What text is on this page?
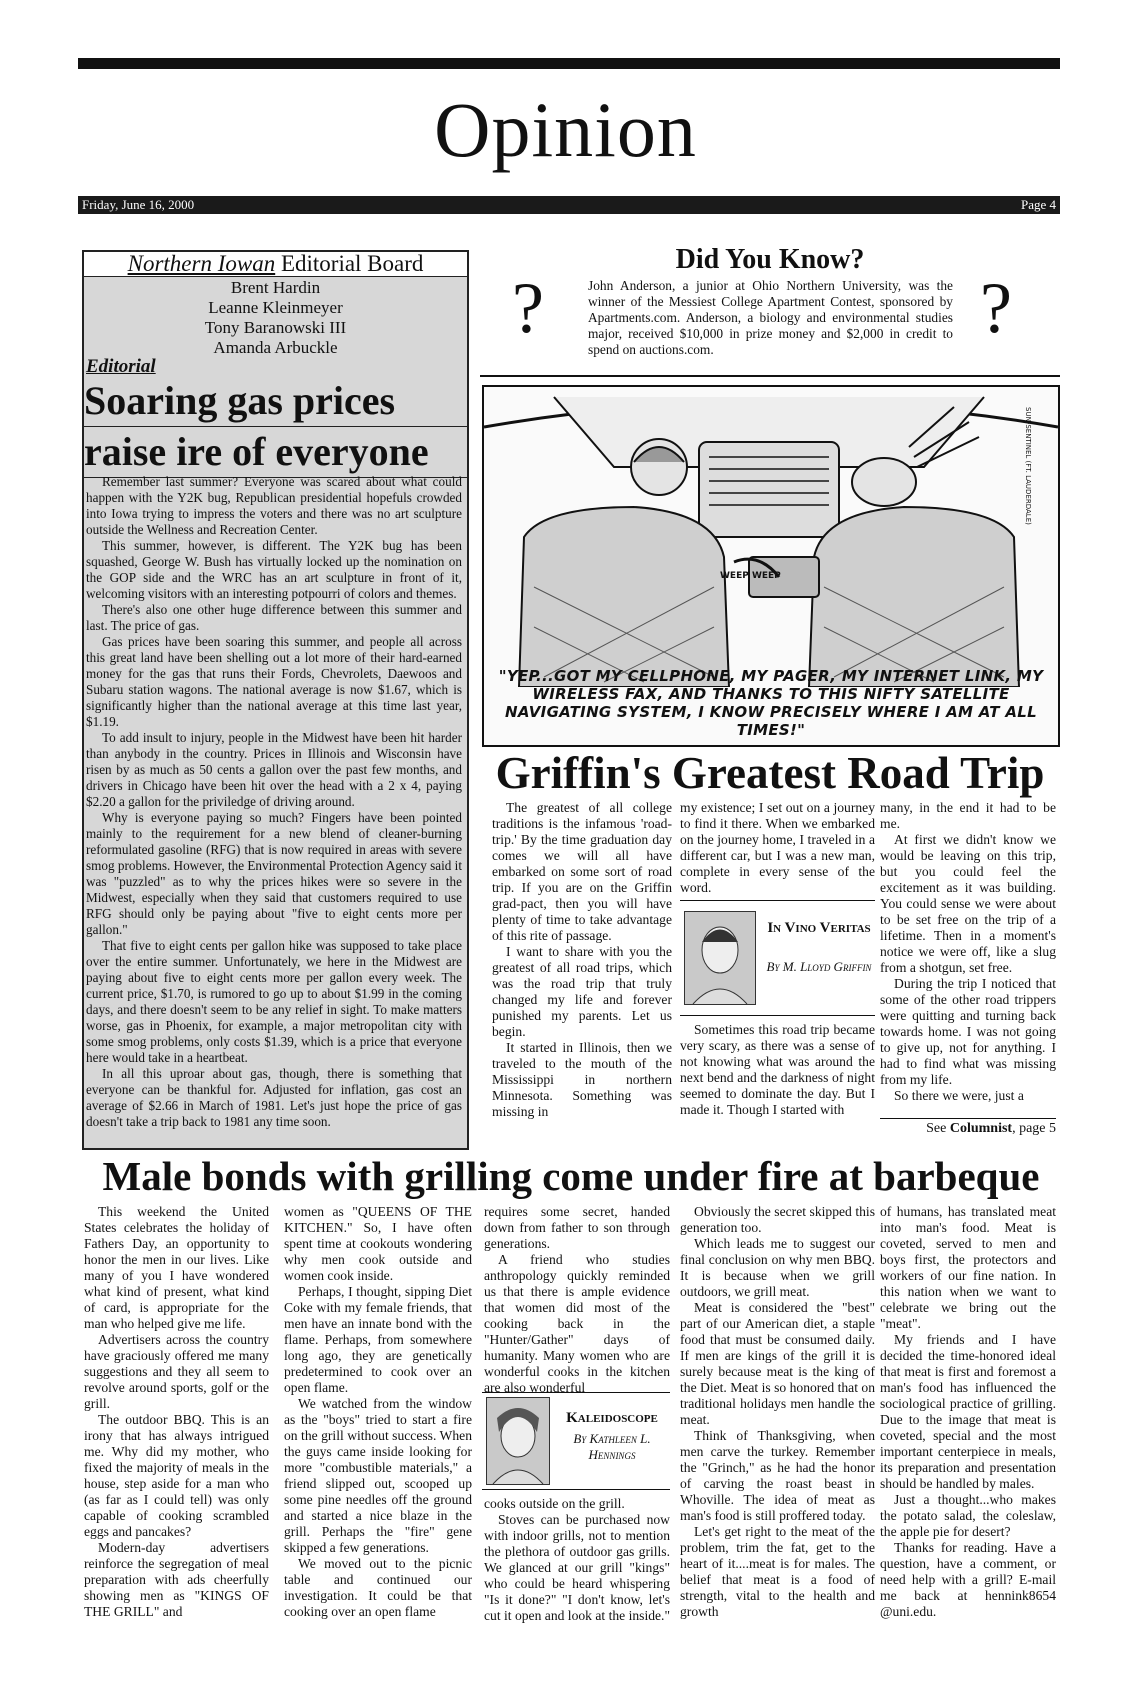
Opinion
Friday, June 16, 2000	Page 4
Northern Iowan Editorial Board
Brent Hardin
Leanne Kleinmeyer
Tony Baranowski III
Amanda Arbuckle
Editorial
Soaring gas prices
raise ire of everyone

Remember last summer? Everyone was scared about what could happen with the Y2K bug, Republican presidential hopefuls crowded into Iowa trying to impress the voters and there was no art sculpture outside the Wellness and Recreation Center.

This summer, however, is different. The Y2K bug has been squashed, George W. Bush has virtually locked up the nomination on the GOP side and the WRC has an art sculpture in front of it, welcoming visitors with an interesting potpourri of colors and themes.

There's also one other huge difference between this summer and last. The price of gas.

Gas prices have been soaring this summer, and people all across this great land have been shelling out a lot more of their hard-earned money for the gas that runs their Fords, Chevrolets, Daewoos and Subaru station wagons. The national average is now $1.67, which is significantly higher than the national average at this time last year, $1.19.

To add insult to injury, people in the Midwest have been hit harder than anybody in the country. Prices in Illinois and Wisconsin have risen by as much as 50 cents a gallon over the past few months, and drivers in Chicago have been hit over the head with a 2 x 4, paying $2.20 a gallon for the priviledge of driving around.

Why is everyone paying so much? Fingers have been pointed mainly to the requirement for a new blend of cleaner-burning reformulated gasoline (RFG) that is now required in areas with severe smog problems. However, the Environmental Protection Agency said it was "puzzled" as to why the prices hikes were so severe in the Midwest, especially when they said that customers required to use RFG should only be paying about "five to eight cents more per gallon."

That five to eight cents per gallon hike was supposed to take place over the entire summer. Unfortunately, we here in the Midwest are paying about five to eight cents more per gallon every week. The current price, $1.70, is rumored to go up to about $1.99 in the coming days, and there doesn't seem to be any relief in sight. To make matters worse, gas in Phoenix, for example, a major metropolitan city with some smog problems, only costs $1.39, which is a price that everyone here would take in a heartbeat.

In all this uproar about gas, though, there is something that everyone can be thankful for. Adjusted for inflation, gas cost an average of $2.66 in March of 1981. Let's just hope the price of gas doesn't take a trip back to 1981 any time soon.

Did You Know?
?	?
John Anderson, a junior at Ohio Northern University, was the winner of the Messiest College Apartment Contest, sponsored by Apartments.com. Anderson, a biology and environmental studies major, received $10,000 in prize money and $2,000 in credit to spend on auctions.com.
WEEP WEEP
SUN-SENTINEL (FT. LAUDERDALE)
"YEP...GOT MY CELLPHONE, MY PAGER, MY INTERNET LINK, MY WIRELESS FAX, AND THANKS TO THIS NIFTY SATELLITE NAVIGATING SYSTEM, I KNOW PRECISELY WHERE I AM AT ALL TIMES!"
Griffin's Greatest Road Trip

The greatest of all college traditions is the infamous 'road-trip.' By the time graduation day comes we will all have embarked on some sort of road trip. If you are on the Griffin grad-pact, then you will have plenty of time to take advantage of this rite of passage.

I want to share with you the greatest of all road trips, which was the road trip that truly changed my life and forever punished my parents. Let us begin.

It started in Illinois, then we traveled to the mouth of the Mississippi in northern Minnesota. Something was missing in

my existence; I set out on a journey to find it there. When we embarked on the journey home, I traveled in a different car, but I was a new man, complete in every sense of the word.

In Vino Veritas
By M. Lloyd Griffin

Sometimes this road trip became very scary, as there was a sense of not knowing what was around the next bend and the darkness of night seemed to dominate the day. But I made it. Though I started with

many, in the end it had to be me.

At first we didn't know we would be leaving on this trip, but you could feel the excitement as it was building. You could sense we were about to be set free on the trip of a lifetime. Then in a moment's notice we were off, like a slug from a shotgun, set free.

During the trip I noticed that some of the other road trippers were quitting and turning back towards home. I was not going to give up, not for anything. I had to find what was missing from my life.

So there we were, just a

See Columnist, page 5
Male bonds with grilling come under fire at barbeque

This weekend the United States celebrates the holiday of Fathers Day, an opportunity to honor the men in our lives. Like many of you I have wondered what kind of present, what kind of card, is appropriate for the man who helped give me life.

Advertisers across the country have graciously offered me many suggestions and they all seem to revolve around sports, golf or the grill.

The outdoor BBQ. This is an irony that has always intrigued me. Why did my mother, who fixed the majority of meals in the house, step aside for a man who (as far as I could tell) was only capable of cooking scrambled eggs and pancakes?

Modern-day advertisers reinforce the segregation of meal preparation with ads cheerfully showing men as "KINGS OF THE GRILL" and

women as "QUEENS OF THE KITCHEN." So, I have often spent time at cookouts wondering why men cook outside and women cook inside.

Perhaps, I thought, sipping Diet Coke with my female friends, that men have an innate bond with the flame. Perhaps, from somewhere long ago, they are genetically predetermined to cook over an open flame.

We watched from the window as the "boys" tried to start a fire on the grill without success. When the guys came inside looking for more "combustible materials," a friend slipped out, scooped up some pine needles off the ground and started a nice blaze in the grill. Perhaps the "fire" gene skipped a few generations.

We moved out to the picnic table and continued our investigation. It could be that cooking over an open flame

requires some secret, handed down from father to son through generations.

A friend who studies anthropology quickly reminded us that there is ample evidence that women did most of the cooking back in the "Hunter/Gather" days of humanity. Many women who are wonderful cooks in the kitchen are also wonderful

Kaleidoscope
By Kathleen L. Hennings

cooks outside on the grill.

Stoves can be purchased now with indoor grills, not to mention the plethora of outdoor gas grills. We glanced at our grill "kings" who could be heard whispering "Is it done?" "I don't know, let's cut it open and look at the inside."

Obviously the secret skipped this generation too.

Which leads me to suggest our final conclusion on why men BBQ. It is because when we grill outdoors, we grill meat.

Meat is considered the "best" part of our American diet, a staple food that must be consumed daily. If men are kings of the grill it is surely because meat is the king of the Diet. Meat is so honored that on traditional holidays men handle the meat.

Think of Thanksgiving, when men carve the turkey. Remember the "Grinch," as he had the honor of carving the roast beast in Whoville. The idea of meat as man's food is still proffered today.

Let's get right to the meat of the problem, trim the fat, get to the heart of it....meat is for males. The belief that meat is a food of strength, vital to the health and growth

of humans, has translated meat into man's food. Meat is coveted, served to men and boys first, the protectors and workers of our fine nation. In this nation when we want to celebrate we bring out the "meat".

My friends and I have decided the time-honored ideal that meat is first and foremost a man's food has influenced the sociological practice of grilling. Due to the image that meat is coveted, special and the most important centerpiece in meals, its preparation and presentation should be handled by males.

Just a thought...who makes the potato salad, the coleslaw, the apple pie for desert?

Thanks for reading. Have a question, have a comment, or need help with a grill? E-mail me back at hennink8654 @uni.edu.
